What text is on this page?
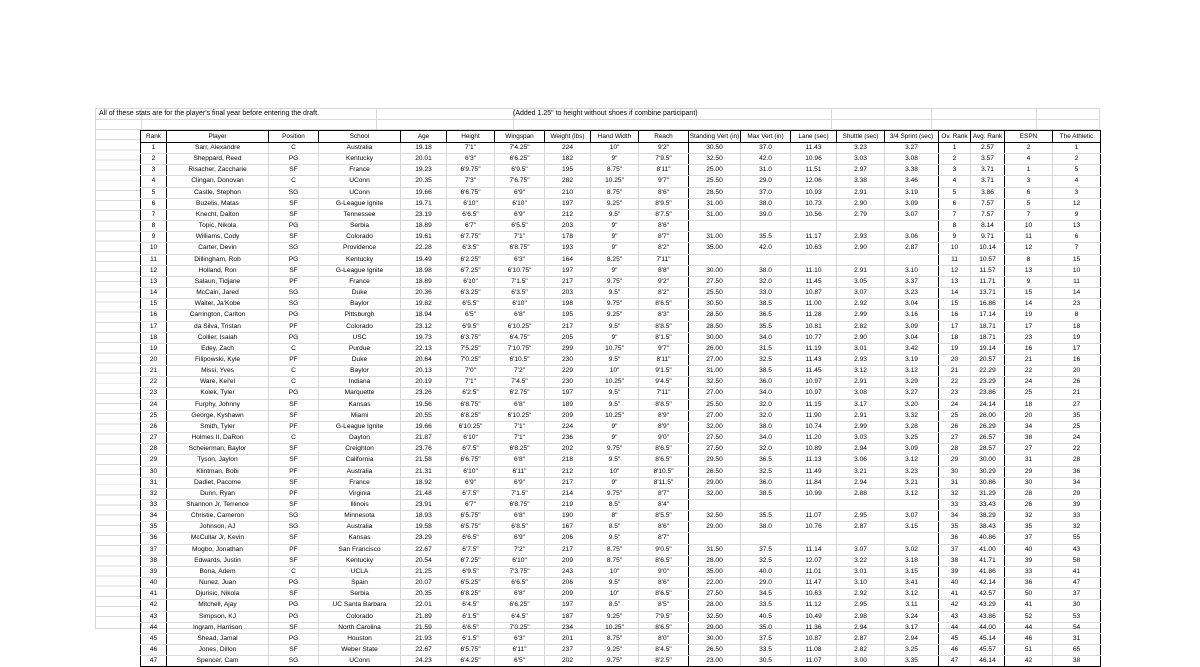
All of these stats are for the player's final year before entering the draft.	(Added 1.25" to height without shoes if combine participant)
Rank	Player	Position	School	Age	Height	Wingspan	Weight (lbs)	Hand Width	Reach	Standing Vert (in)	Max Vert (in)	Lane (sec)	Shuttle (sec)	3/4 Sprint (sec)	Ov. Rank	Avg. Rank	ESPN	The Athletic
1	Sarr, Alexandre	C	Australia	19.18	7'1"	7'4.25"	224	10"	9'2"	30.50	37.0	11.43	3.23	3.27	1	2.57	2	1
2	Sheppard, Reed	PG	Kentucky	20.01	6'3"	6'6.25"	182	9"	7'9.5"	32.50	42.0	10.96	3.03	3.08	2	3.57	4	2
3	Risacher, Zaccharie	SF	France	19.23	6'9.75"	6'9.5"	195	8.75"	8'11"	25.00	31.0	11.51	2.97	3.38	3	3.71	1	5
4	Clingan, Donovan	C	UConn	20.35	7'3"	7'6.75"	282	10.25"	9'7"	25.50	29.0	12.06	3.38	3.46	4	3.71	3	4
5	Castle, Stephon	SG	UConn	19.66	6'6.75"	6'9"	210	8.75"	8'6"	28.50	37.0	10.93	2.91	3.19	5	3.86	6	3
6	Buzelis, Matas	SF	G-League Ignite	19.71	6'10"	6'10"	197	9.25"	8'9.5"	31.00	38.0	10.73	2.90	3.09	6	7.57	5	12
7	Knecht, Dalton	SF	Tennessee	23.19	6'6.5"	6'9"	212	9.5"	8'7.5"	31.00	39.0	10.56	2.79	3.07	7	7.57	7	9
8	Topic, Nikola	PG	Serbia	18.89	6'7"	6'5.5"	203	9"	8'6"						8	8.14	10	13
9	Williams, Cody	SF	Colorado	19.61	6'7.75"	7'1"	178	9"	8'7"	31.00	35.5	11.17	2.93	3.06	9	9.71	11	6
10	Carter, Devin	SG	Providence	22.28	6'3.5"	6'8.75"	193	9"	8'2"	35.00	42.0	10.63	2.90	2.87	10	10.14	12	7
11	Dillingham, Rob	PG	Kentucky	19.49	6'2.25"	6'3"	164	8.25"	7'11"						11	10.57	8	15
12	Holland, Ron	SF	G-League Ignite	18.98	6'7.25"	6'10.75"	197	9"	8'8"	30.00	38.0	11.10	2.91	3.10	12	11.57	13	10
13	Salaun, Tidjane	PF	France	18.89	6'10"	7'1.5"	217	9.75"	9'2"	27.50	32.0	11.45	3.05	3.37	13	11.71	9	11
14	McCain, Jared	SG	Duke	20.36	6'3.25"	6'3.5"	203	9.5"	8'2"	25.50	33.0	10.87	3.07	3.23	14	13.71	15	14
15	Walter, Ja'Kobe	SG	Baylor	19.82	6'5.5"	6'10"	198	9.75"	8'6.5"	30.50	38.5	11.00	2.92	3.04	15	16.86	14	23
16	Carrington, Carlton	PG	Pittsburgh	18.94	6'5"	6'8"	195	9.25"	8'3"	28.50	36.5	11.28	2.99	3.16	16	17.14	19	8
17	da Silva, Tristan	PF	Colorado	23.12	6'9.5"	6'10.25"	217	9.5"	8'8.5"	28.50	35.5	10.81	2.82	3.09	17	18.71	17	18
18	Collier, Isaiah	PG	USC	19.73	6'3.75"	6'4.75"	205	9"	8'1.5"	30.00	34.0	10.77	2.90	3.04	18	18.71	23	19
19	Edey, Zach	C	Purdue	22.13	7'5.25"	7'10.75"	299	10.75"	9'7"	26.00	31.5	11.19	3.01	3.42	19	19.14	16	17
20	Filipowski, Kyle	PF	Duke	20.64	7'0.25"	6'10.5"	230	9.5"	8'11"	27.00	32.5	11.43	2.93	3.19	20	20.57	21	16
21	Missi, Yves	C	Baylor	20.13	7'0"	7'2"	229	10"	9'1.5"	31.00	38.5	11.45	3.12	3.12	21	22.29	22	20
22	Ware, Kel'el	C	Indiana	20.19	7'1"	7'4.5"	230	10.25"	9'4.5"	32.50	36.0	10.97	2.91	3.29	22	23.29	24	26
23	Kolek, Tyler	PG	Marquette	23.26	6'2.5"	6'2.75"	197	9.5"	7'11"	27.00	34.0	10.97	3.08	3.27	23	23.86	25	21
24	Furphy, Johnny	SF	Kansas	19.56	6'8.75"	6'8"	189	9.5"	8'8.5"	25.50	32.0	11.15	3.17	3.20	24	24.14	18	27
25	George, Kyshawn	SF	Miami	20.55	6'8.25"	6'10.25"	209	10.25"	8'9"	27.00	32.0	11.90	2.91	3.32	25	26.00	20	35
26	Smith, Tyler	PF	G-League Ignite	19.66	6'10.25"	7'1"	224	9"	8'9"	32.00	38.0	10.74	2.99	3.28	26	26.29	34	25
27	Holmes II, DaRon	C	Dayton	21.87	6'10"	7'1"	236	9"	9'0"	27.50	34.0	11.20	3.03	3.25	27	26.57	38	24
28	Scheierman, Baylor	SF	Creighton	23.76	6'7.5"	6'8.25"	202	9.75"	8'6.5"	27.50	32.0	10.89	2.94	3.09	28	28.57	27	22
29	Tyson, Jaylon	SF	California	21.58	6'6.75"	6'8"	218	9.5"	8'6.5"	29.50	36.5	11.13	3.06	3.12	29	30.00	31	28
30	Klintman, Bobi	PF	Australia	21.31	6'10"	6'11"	212	10"	8'10.5"	26.50	32.5	11.49	3.21	3.23	30	30.29	29	36
31	Dadiet, Pacome	SF	France	18.92	6'9"	6'9"	217	9"	8'11.5"	29.00	36.0	11.84	2.94	3.21	31	30.86	30	34
32	Dunn, Ryan	PF	Virginia	21.48	6'7.5"	7'1.5"	214	9.75"	8'7"	32.00	38.5	10.99	2.88	3.12	32	31.29	28	29
33	Shannon Jr, Terrence	SF	Illinois	23.91	6'7"	6'8.75"	219	8.5"	8'4"						33	33.43	26	39
34	Christie, Cameron	SG	Minnesota	18.93	6'5.75"	6'8"	190	8"	8'5.5"	32.50	35.5	11.07	2.95	3.07	34	38.29	32	33
35	Johnson, AJ	SG	Australia	19.58	6'5.75"	6'8.5"	167	8.5"	8'6"	29.00	38.0	10.76	2.87	3.15	35	38.43	35	32
36	McCullar Jr, Kevin	SF	Kansas	23.29	6'6.5"	6'9"	206	9.5"	8'7"						36	40.86	37	55
37	Mogbo, Jonathan	PF	San Francisco	22.67	6'7.5"	7'2"	217	8.75"	9'0.5"	31.50	37.5	11.14	3.07	3.02	37	41.00	40	43
38	Edwards, Justin	SF	Kentucky	20.54	6'7.25"	6'10"	209	8.75"	8'6.5"	28.00	32.5	12.07	3.22	3.18	38	41.71	39	58
39	Bona, Adem	C	UCLA	21.25	6'9.5"	7'3.75"	243	10"	9'0"	35.00	40.0	11.01	3.01	3.15	39	41.86	33	41
40	Nunez, Juan	PG	Spain	20.07	6'5.25"	6'6.5"	206	9.5"	8'6"	22.00	29.0	11.47	3.10	3.41	40	42.14	36	47
41	Djurisic, Nikola	SF	Serbia	20.35	6'8.25"	6'8"	209	10"	8'6.5"	27.50	34.5	10.63	2.92	3.12	41	42.57	50	37
42	Mitchell, Ajay	PG	UC Santa Barbara	22.01	6'4.5"	6'6.25"	197	8.5"	8'5"	28.00	33.5	11.12	2.95	3.11	42	43.29	41	30
43	Simpson, KJ	PG	Colorado	21.89	6'1.5"	6'4.5"	187	9.25"	7'9.5"	32.50	40.5	10.49	2.98	3.24	43	43.86	52	53
44	Ingram, Harrison	SF	North Carolina	21.59	6'6.5"	7'0.25"	234	10.25"	8'6.5"	29.00	35.0	11.36	2.94	3.17	44	44.00	44	54
45	Shead, Jamal	PG	Houston	21.93	6'1.5"	6'3"	201	8.75"	8'0"	30.00	37.5	10.87	2.87	2.94	45	45.14	46	31
46	Jones, Dillon	SF	Weber State	22.67	6'5.75"	6'11"	237	9.25"	8'4.5"	26.50	33.5	11.08	2.82	3.25	46	45.57	51	65
47	Spencer, Cam	SG	UConn	24.23	6'4.25"	6'5"	202	9.75"	8'2.5"	23.00	30.5	11.07	3.00	3.35	47	46.14	42	38
